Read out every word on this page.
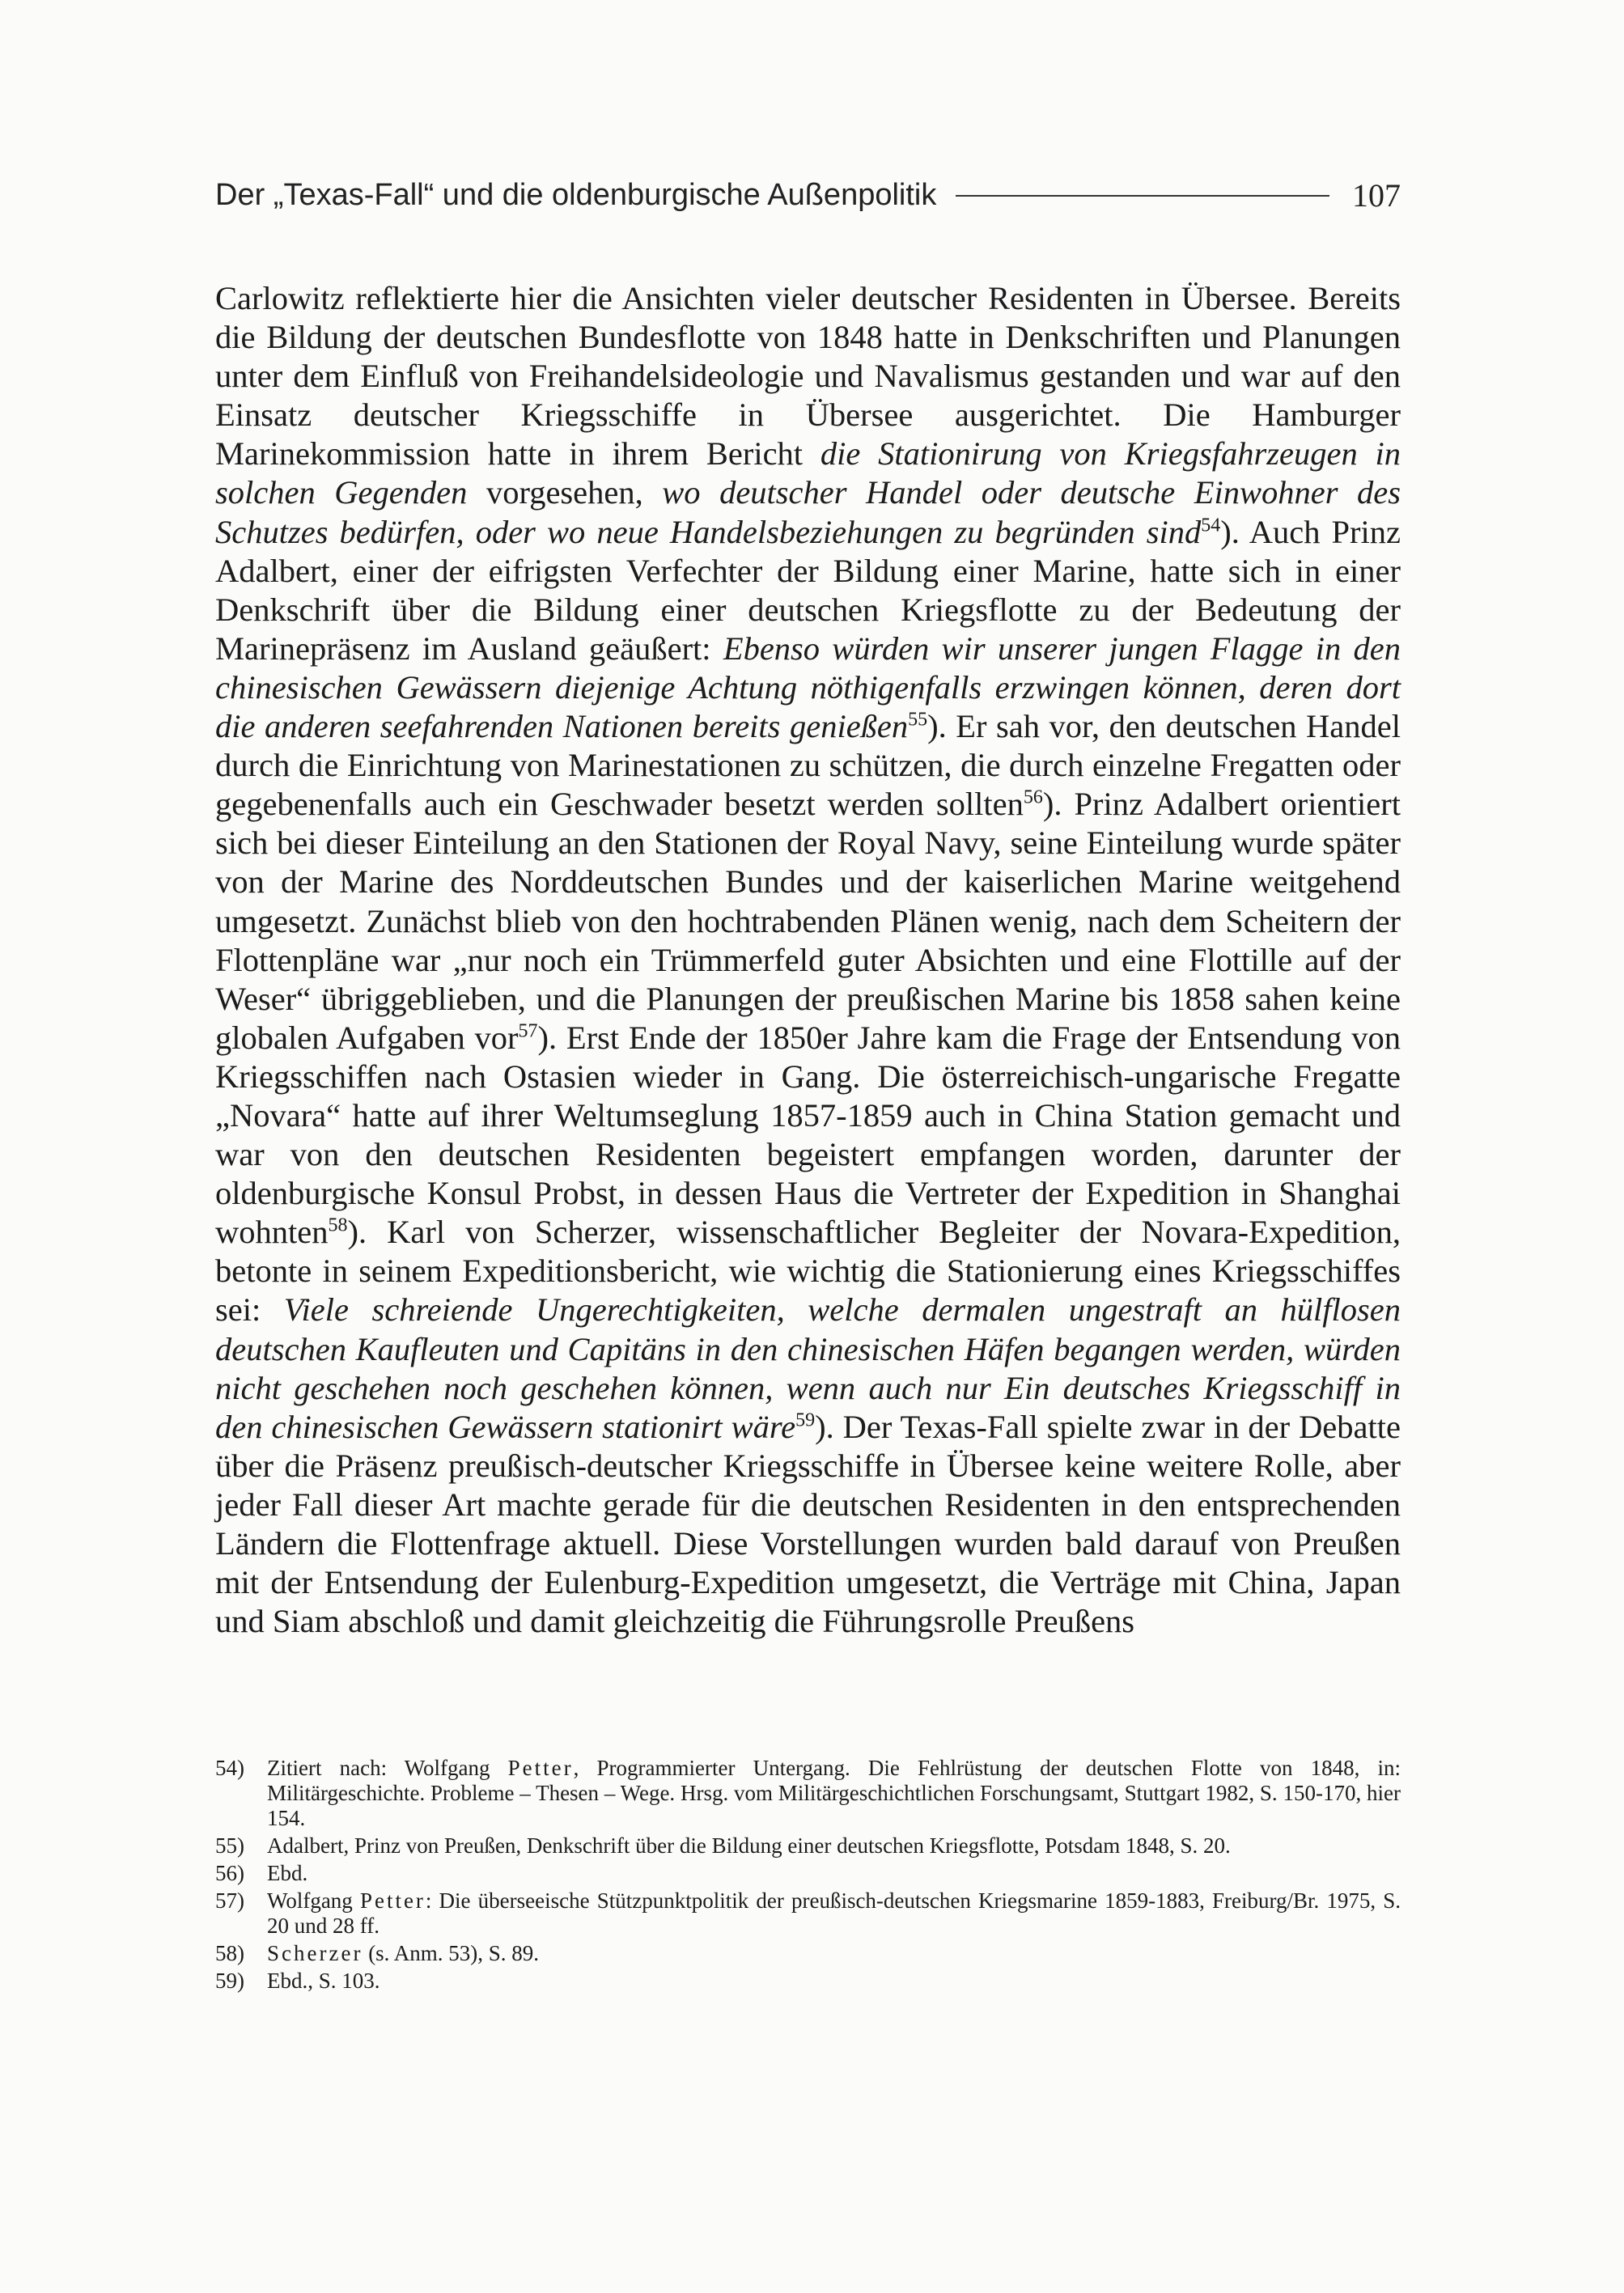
Der „Texas-Fall“ und die oldenburgische Außenpolitik	107

Carlowitz reflektierte hier die Ansichten vieler deutscher Residenten in Übersee. Bereits die Bildung der deutschen Bundesflotte von 1848 hatte in Denkschriften und Planungen unter dem Einfluß von Freihandelsideologie und Navalismus gestanden und war auf den Einsatz deutscher Kriegsschiffe in Übersee ausgerichtet. Die Hamburger Marinekommission hatte in ihrem Bericht die Stationirung von Kriegsfahrzeugen in solchen Gegenden vorgesehen, wo deutscher Handel oder deutsche Einwohner des Schutzes bedürfen, oder wo neue Handelsbeziehungen zu begründen sind$^{54}$). Auch Prinz Adalbert, einer der eifrigsten Verfechter der Bildung einer Marine, hatte sich in einer Denkschrift über die Bildung einer deutschen Kriegsflotte zu der Bedeutung der Marinepräsenz im Ausland geäußert: Ebenso würden wir unserer jungen Flagge in den chinesischen Gewässern diejenige Achtung nöthigenfalls erzwingen können, deren dort die anderen seefahrenden Nationen bereits genießen$^{55}$). Er sah vor, den deutschen Handel durch die Einrichtung von Marinestationen zu schützen, die durch einzelne Fregatten oder gegebenenfalls auch ein Geschwader besetzt werden sollten$^{56}$). Prinz Adalbert orientiert sich bei dieser Einteilung an den Stationen der Royal Navy, seine Einteilung wurde später von der Marine des Norddeutschen Bundes und der kaiserlichen Marine weitgehend umgesetzt. Zunächst blieb von den hochtrabenden Plänen wenig, nach dem Scheitern der Flottenpläne war „nur noch ein Trümmerfeld guter Absichten und eine Flottille auf der Weser“ übriggeblieben, und die Planungen der preußischen Marine bis 1858 sahen keine globalen Aufgaben vor$^{57}$). Erst Ende der 1850er Jahre kam die Frage der Entsendung von Kriegsschiffen nach Ostasien wieder in Gang. Die österreichisch-ungarische Fregatte „Novara“ hatte auf ihrer Weltumseglung 1857-1859 auch in China Station gemacht und war von den deutschen Residenten begeistert empfangen worden, darunter der oldenburgische Konsul Probst, in dessen Haus die Vertreter der Expedition in Shanghai wohnten$^{58}$). Karl von Scherzer, wissenschaftlicher Begleiter der Novara-Expedition, betonte in seinem Expeditionsbericht, wie wichtig die Stationierung eines Kriegsschiffes sei: Viele schreiende Ungerechtigkeiten, welche dermalen ungestraft an hülflosen deutschen Kaufleuten und Capitäns in den chinesischen Häfen begangen werden, würden nicht geschehen noch geschehen können, wenn auch nur Ein deutsches Kriegsschiff in den chinesischen Gewässern stationirt wäre$^{59}$). Der Texas-Fall spielte zwar in der Debatte über die Präsenz preußisch-deutscher Kriegsschiffe in Übersee keine weitere Rolle, aber jeder Fall dieser Art machte gerade für die deutschen Residenten in den entsprechenden Ländern die Flottenfrage aktuell. Diese Vorstellungen wurden bald darauf von Preußen mit der Entsendung der Eulenburg-Expedition umgesetzt, die Verträge mit China, Japan und Siam abschloß und damit gleichzeitig die Führungsrolle Preußens

54)	Zitiert nach: Wolfgang Petter, Programmierter Untergang. Die Fehlrüstung der deutschen Flotte von 1848, in: Militärgeschichte. Probleme – Thesen – Wege. Hrsg. vom Militärgeschichtlichen Forschungsamt, Stuttgart 1982, S. 150-170, hier 154.
55)	Adalbert, Prinz von Preußen, Denkschrift über die Bildung einer deutschen Kriegsflotte, Potsdam 1848, S. 20.
56)	Ebd.
57)	Wolfgang Petter: Die überseeische Stützpunktpolitik der preußisch-deutschen Kriegsmarine 1859-1883, Freiburg/Br. 1975, S. 20 und 28 ff.
58)	Scherzer (s. Anm. 53), S. 89.
59)	Ebd., S. 103.
